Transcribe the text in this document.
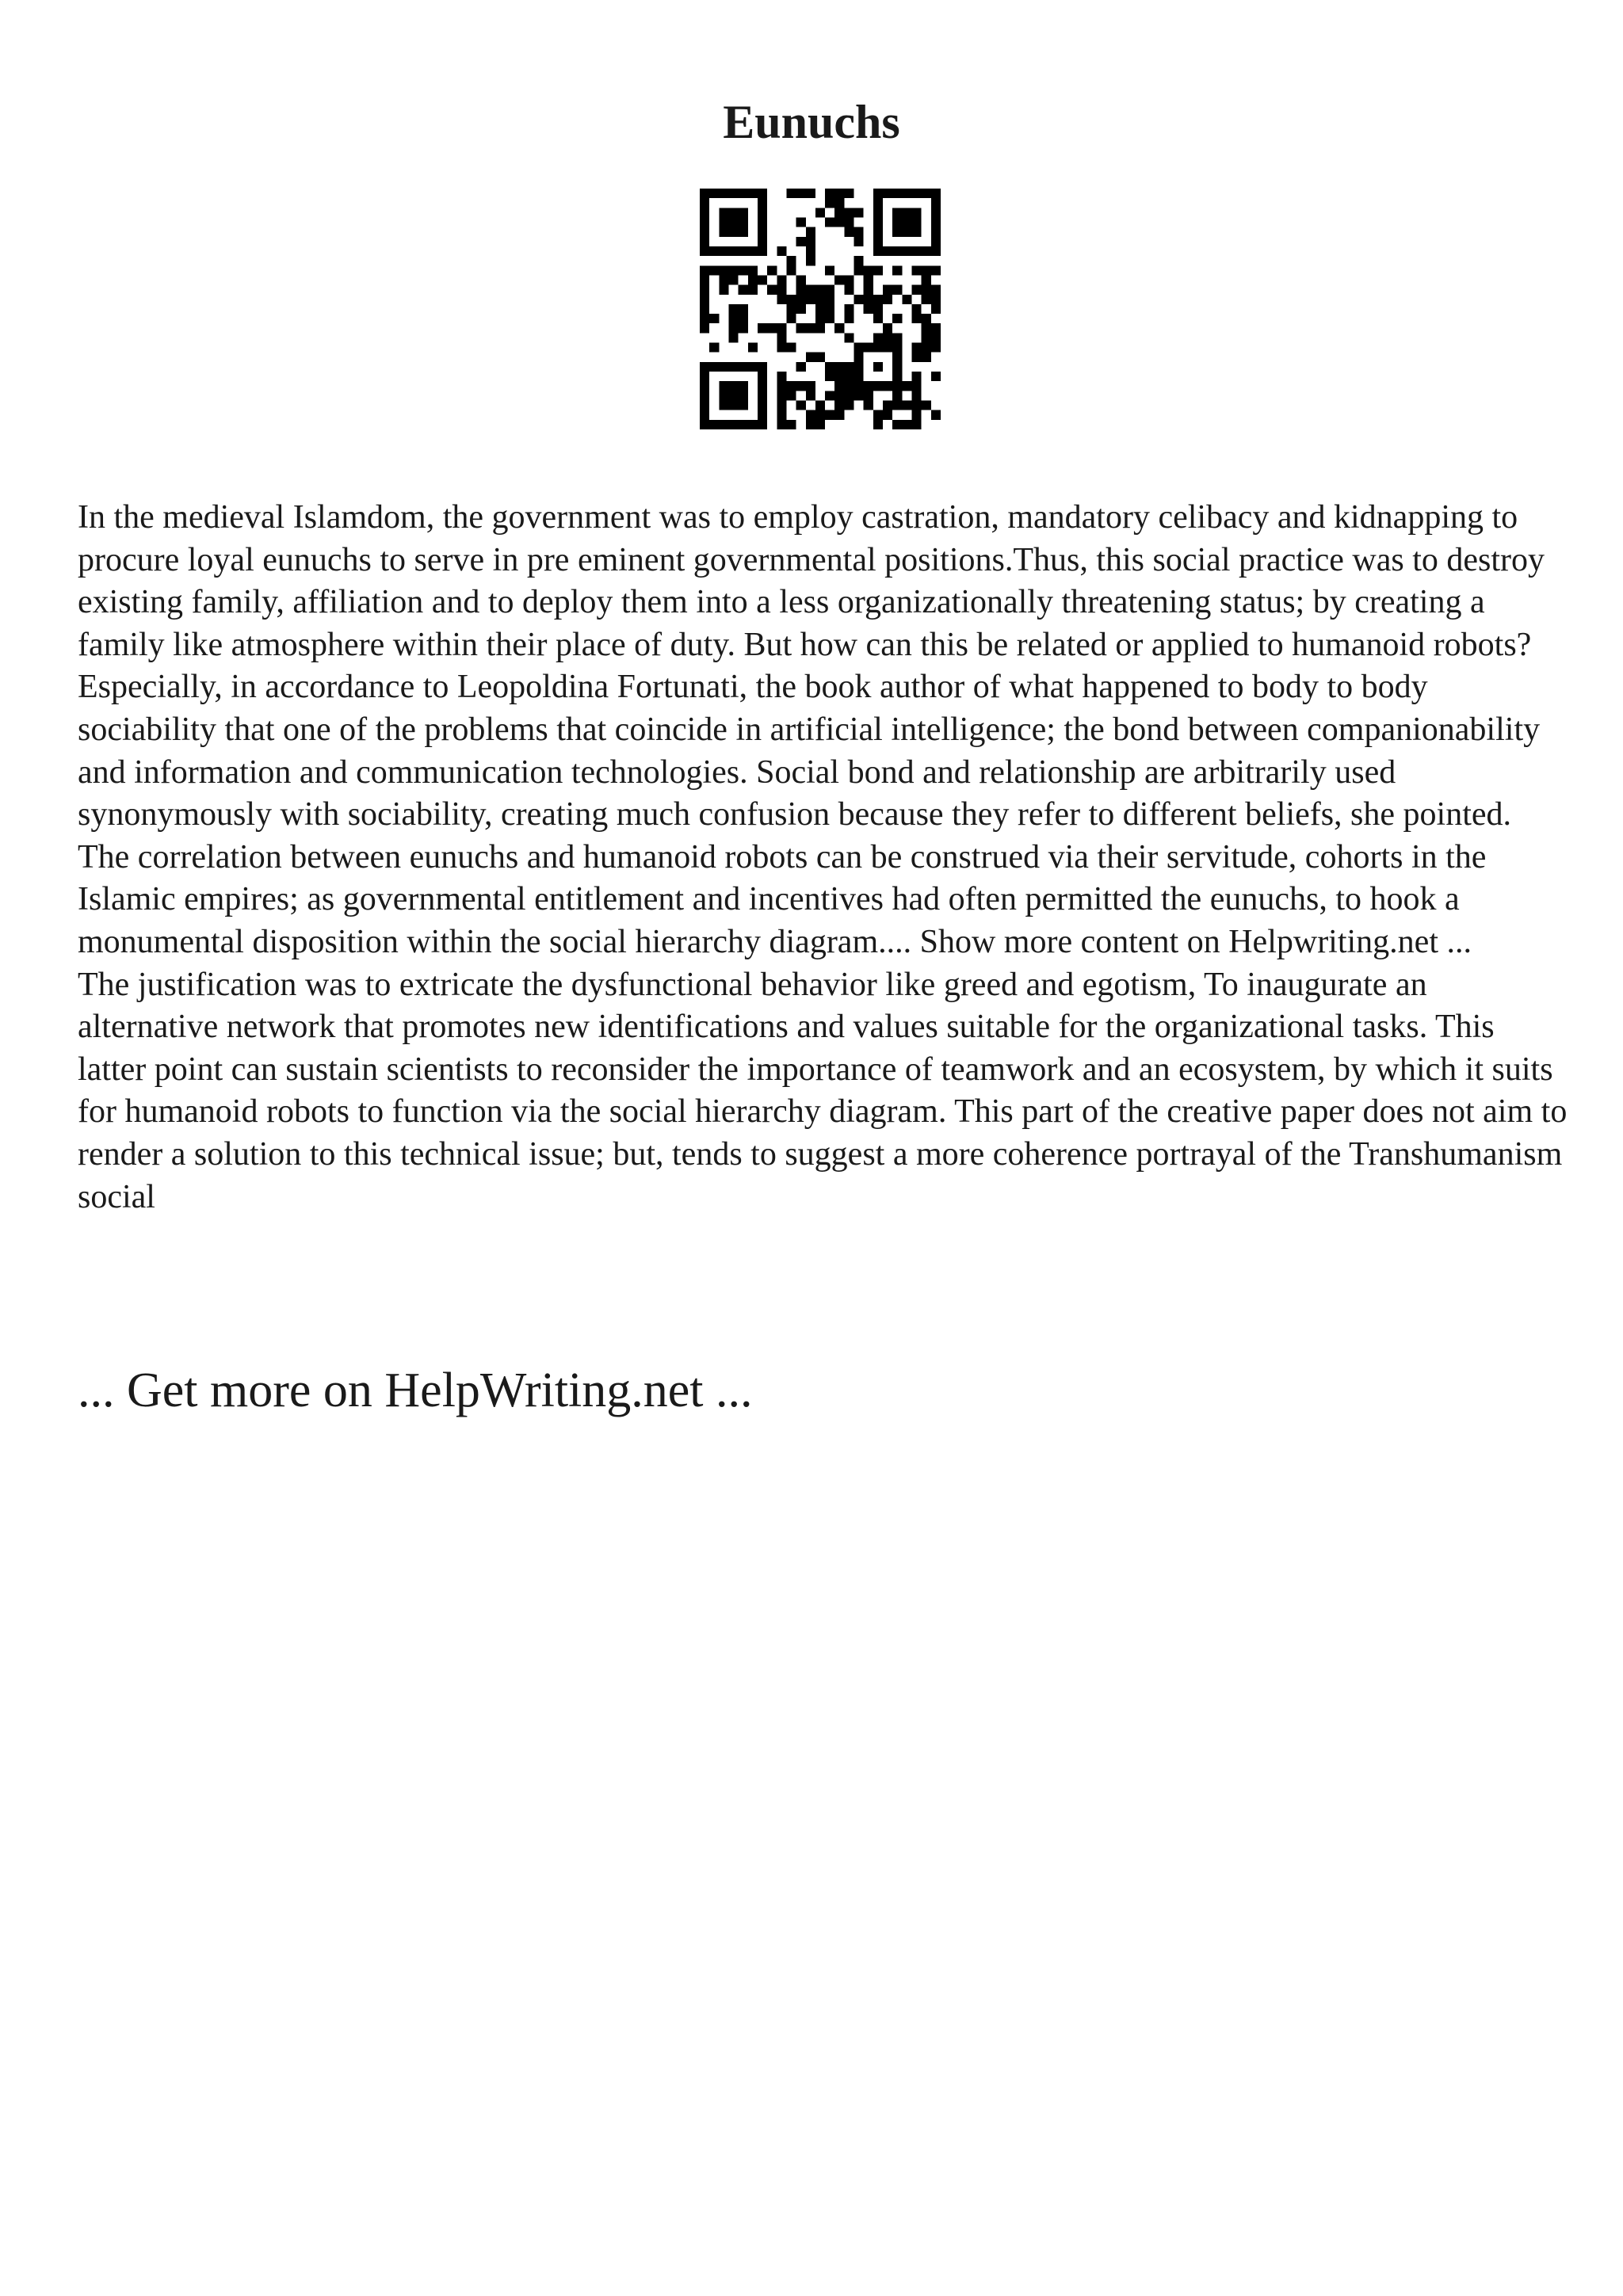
Eunuchs

In the medieval Islamdom, the government was to employ castration, mandatory celibacy and kidnapping to procure loyal eunuchs to serve in pre eminent governmental positions.Thus, this social practice was to destroy existing family, affiliation and to deploy them into a less organizationally threatening status; by creating a family like atmosphere within their place of duty. But how can this be related or applied to humanoid robots? Especially, in accordance to Leopoldina Fortunati, the book author of what happened to body to body sociability that one of the problems that coincide in artificial intelligence; the bond between companionability and information and communication technologies. Social bond and relationship are arbitrarily used synonymously with sociability, creating much confusion because they refer to different beliefs, she pointed. The correlation between eunuchs and humanoid robots can be construed via their servitude, cohorts in the Islamic empires; as governmental entitlement and incentives had often permitted the eunuchs, to hook a monumental disposition within the social hierarchy diagram.... Show more content on Helpwriting.net ...

The justification was to extricate the dysfunctional behavior like greed and egotism, To inaugurate an alternative network that promotes new identifications and values suitable for the organizational tasks. This latter point can sustain scientists to reconsider the importance of teamwork and an ecosystem, by which it suits for humanoid robots to function via the social hierarchy diagram. This part of the creative paper does not aim to render a solution to this technical issue; but, tends to suggest a more coherence portrayal of the Transhumanism social

... Get more on HelpWriting.net ...
